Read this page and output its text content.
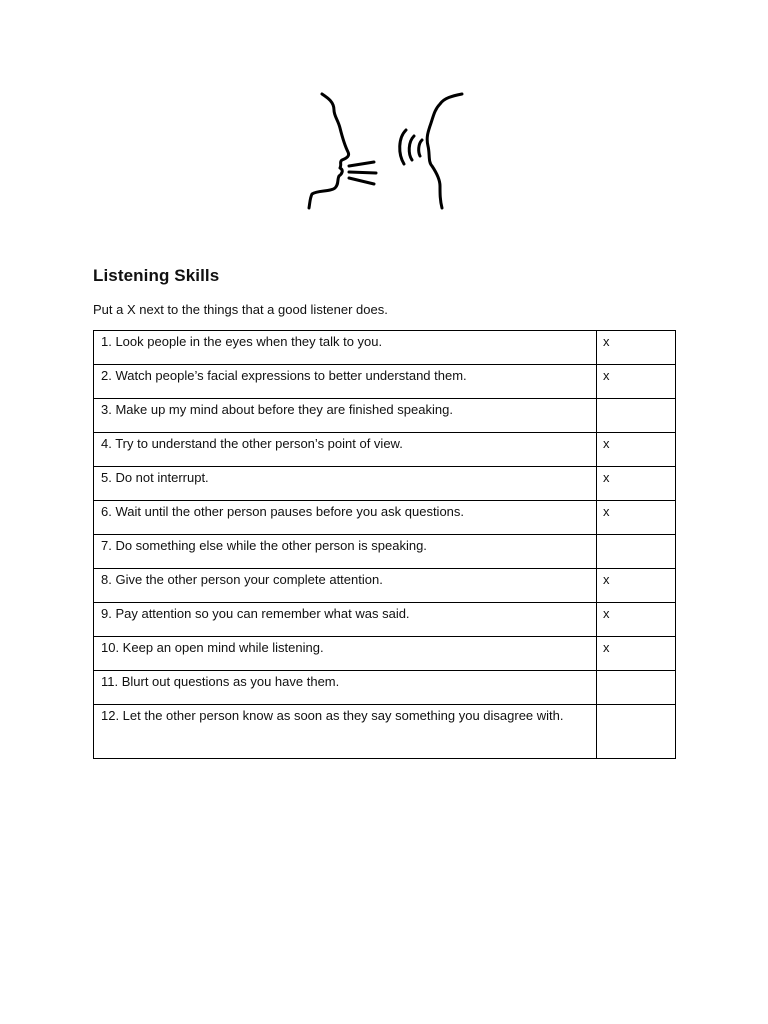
Listening Skills
Put a X next to the things that a good listener does.
1. Look people in the eyes when they talk to you.	x
2. Watch people’s facial expressions to better understand them.	x
3. Make up my mind about before they are finished speaking.	
4. Try to understand the other person’s point of view.	x
5. Do not interrupt.	x
6. Wait until the other person pauses before you ask questions.	x
7. Do something else while the other person is speaking.	
8. Give the other person your complete attention.	x
9. Pay attention so you can remember what was said.	x
10. Keep an open mind while listening.	x
11. Blurt out questions as you have them.	
12. Let the other person know as soon as they say something you disagree with.	
